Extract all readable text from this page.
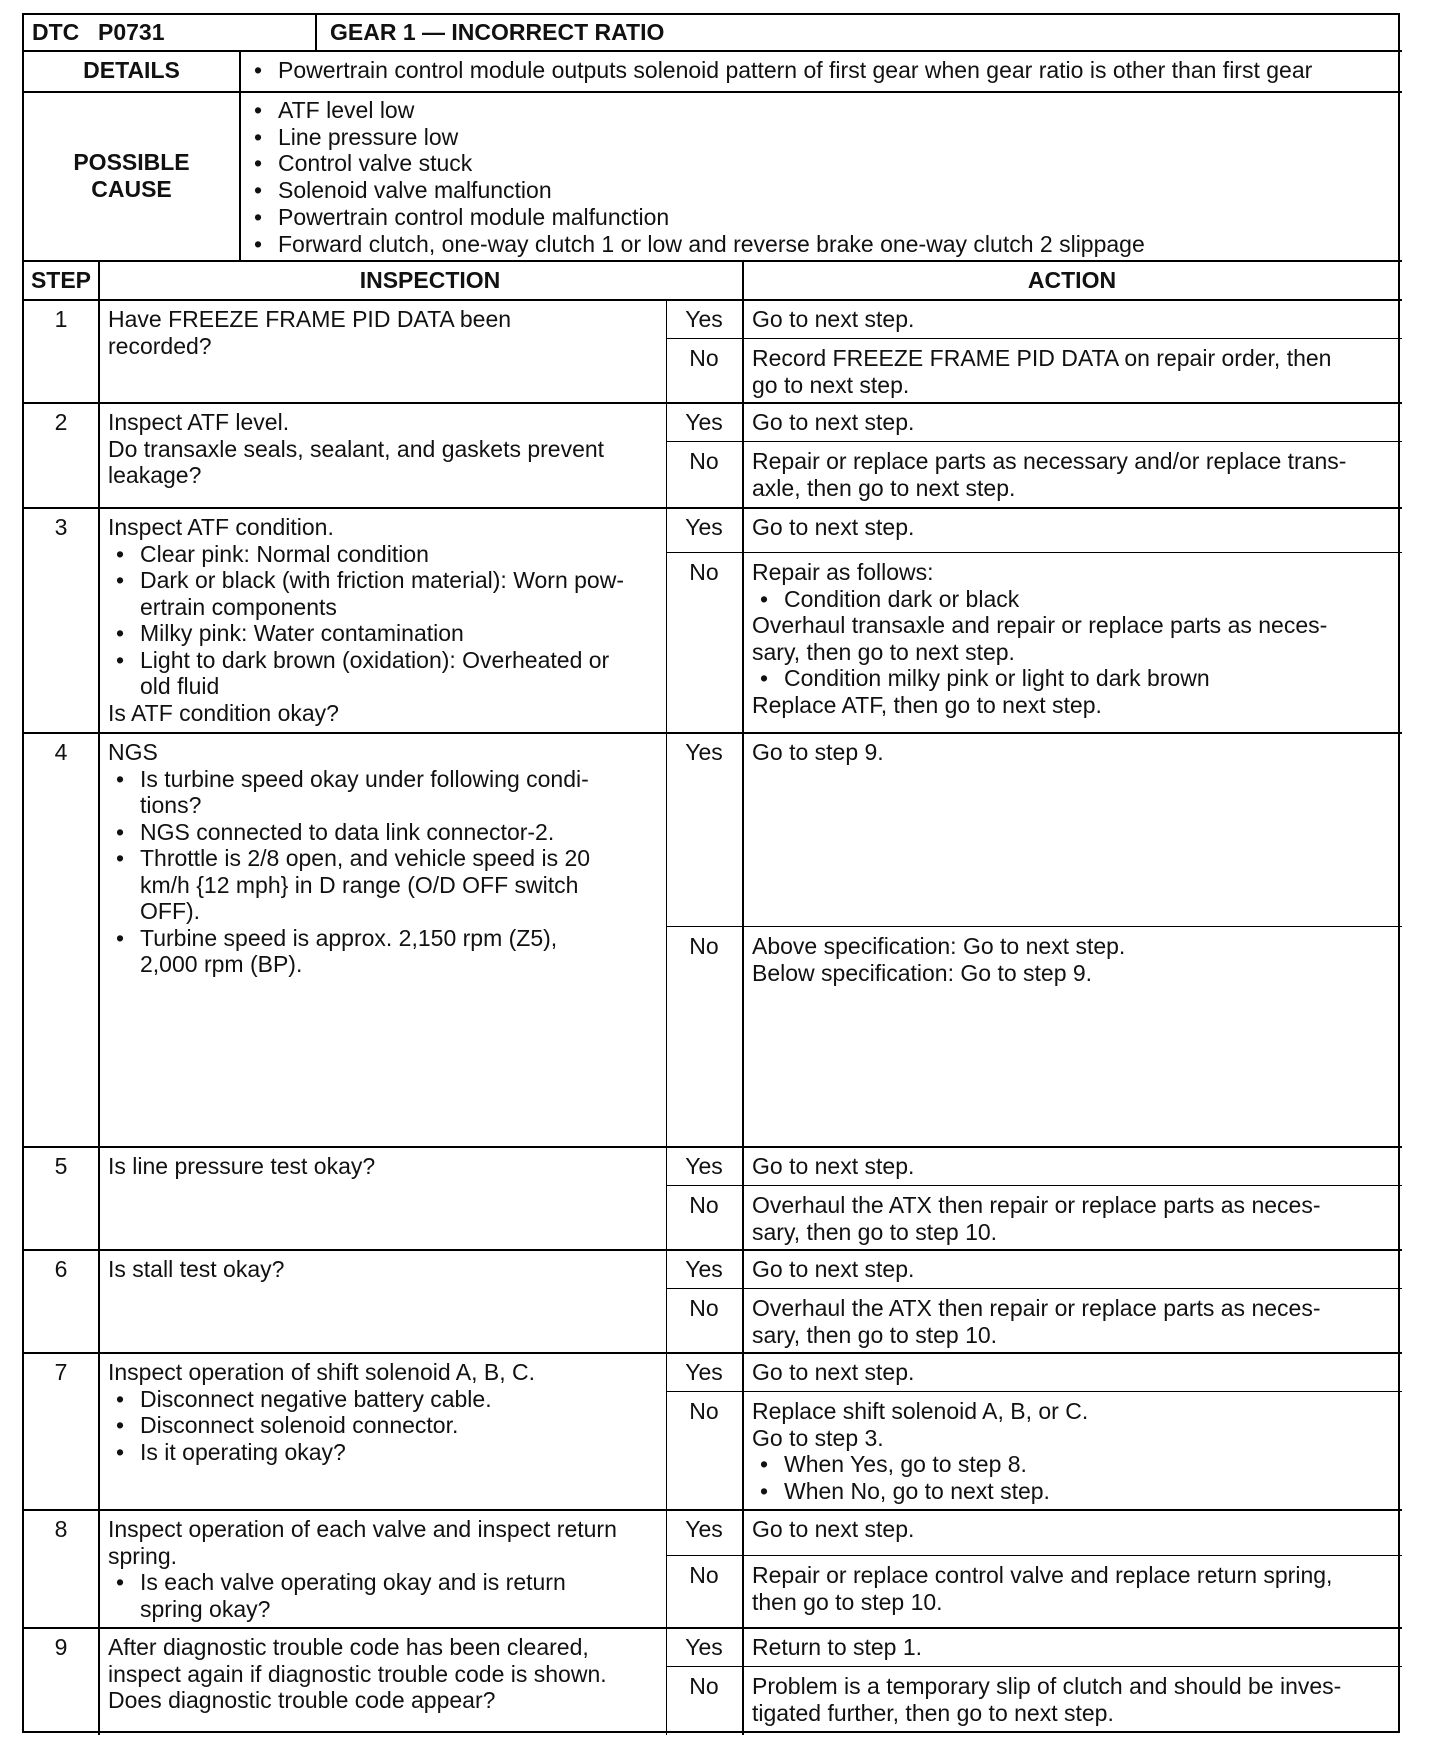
DTC P0731	GEAR 1 — INCORRECT RATIO
DETAILS
•	Powertrain control module outputs solenoid pattern of first gear when gear ratio is other than first gear
POSSIBLE
CAUSE
• ATF level low
• Line pressure low
• Control valve stuck
• Solenoid valve malfunction
• Powertrain control module malfunction
• Forward clutch, one-way clutch 1 or low and reverse brake one-way clutch 2 slippage
STEP	INSPECTION	ACTION
1	Have FREEZE FRAME PID DATA been
recorded?
Yes	Go to next step.
No	Record FREEZE FRAME PID DATA on repair order, then
go to next step.
2	Inspect ATF level.
Do transaxle seals, sealant, and gaskets prevent
leakage?
Yes	Go to next step.
No	Repair or replace parts as necessary and/or replace trans-
axle, then go to next step.
3	Inspect ATF condition.
• Clear pink: Normal condition
• Dark or black (with friction material): Worn pow-
ertrain components
• Milky pink: Water contamination
• Light to dark brown (oxidation): Overheated or
old fluid
Is ATF condition okay?
Yes	Go to next step.
No	Repair as follows:
• Condition dark or black
Overhaul transaxle and repair or replace parts as neces-
sary, then go to next step.
• Condition milky pink or light to dark brown
Replace ATF, then go to next step.
4	NGS
• Is turbine speed okay under following condi-
tions?
• NGS connected to data link connector-2.
• Throttle is 2/8 open, and vehicle speed is 20
km/h {12 mph} in D range (O/D OFF switch
OFF).
• Turbine speed is approx. 2,150 rpm (Z5),
2,000 rpm (BP).
Yes	Go to step 9.
No	Above specification: Go to next step.
Below specification: Go to step 9.
5	Is line pressure test okay?	Yes	Go to next step.
No	Overhaul the ATX then repair or replace parts as neces-
sary, then go to step 10.
6	Is stall test okay?	Yes	Go to next step.
No	Overhaul the ATX then repair or replace parts as neces-
sary, then go to step 10.
7	Inspect operation of shift solenoid A, B, C.
• Disconnect negative battery cable.
• Disconnect solenoid connector.
• Is it operating okay?
Yes	Go to next step.
No	Replace shift solenoid A, B, or C.
Go to step 3.
• When Yes, go to step 8.
• When No, go to next step.
8	Inspect operation of each valve and inspect return
spring.
• Is each valve operating okay and is return
spring okay?
Yes	Go to next step.
No	Repair or replace control valve and replace return spring,
then go to step 10.
9	After diagnostic trouble code has been cleared,
inspect again if diagnostic trouble code is shown.
Does diagnostic trouble code appear?
Yes	Return to step 1.
No	Problem is a temporary slip of clutch and should be inves-
tigated further, then go to next step.
